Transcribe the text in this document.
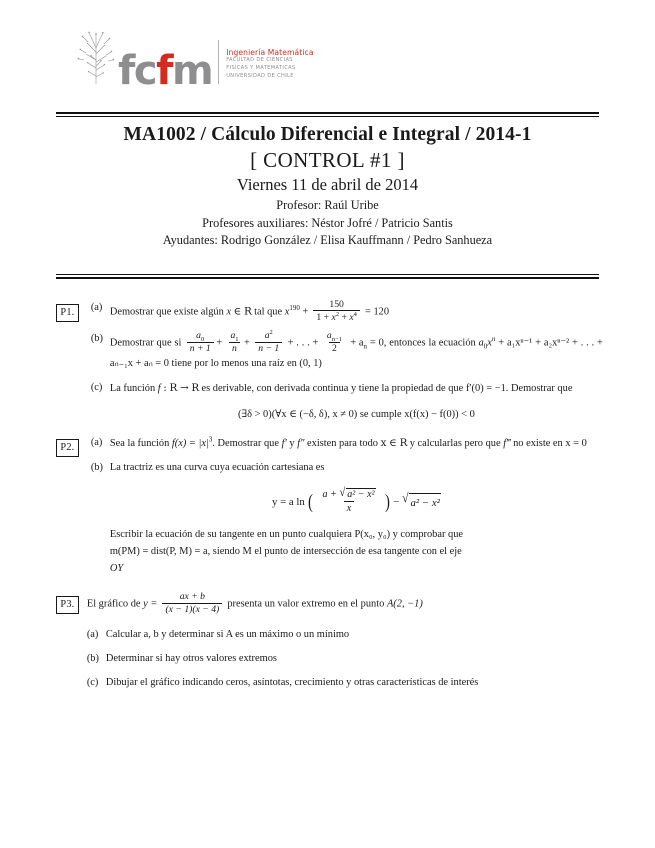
fcfm Ingeniería Matemática
FACULTAD DE CIENCIAS
FISICAS Y MATEMATICAS
UNIVERSIDAD DE CHILE
MA1002 / Cálculo Diferencial e Integral / 2014-1
[ CONTROL #1 ]
Viernes 11 de abril de 2014
Profesor: Raúl Uribe
Profesores auxiliares: Néstor Jofré / Patricio Santis
Ayudantes: Rodrigo González / Elisa Kauffmann / Pedro Sanhueza
P1.	(a) Demostrar que existe algún x ∈ R tal que $x^{190} + \frac{150}{1 + x^2 + x^4} = 120$
(b) Demostrar que si $\frac{a_0}{n + 1} + \frac{a_1}{n} + \frac{a^2}{n - 1}$ + . . . + $\frac{a_{n-1}}{2} + a_n = 0$, entonces la ecuación $a_0x^n + a_1x^{n-1} + a_2x^{n-2}$ + . . . + aₙ₋₁x + aₙ = 0 tiene por lo menos una raíz en (0, 1)
(c) La función f : R → R es derivable, con derivada continua y tiene la propiedad de que f′(0) = −1. Demostrar que
(∃δ > 0)(∀x ∈ (−δ, δ), x ≠ 0) se cumple x(f(x) − f(0)) < 0
P2.	(a) Sea la función $f(x) = |x|^3$. Demostrar que f′ y f″ existen para todo x ∈ R y calcularlas pero que f‴ no existe en x = 0
(b) La tractriz es una curva cuya ecuación cartesiana es
y = a ln ( $\frac{\text{a + √ a² − x²}}{x}$ ) − √ a² − x²
Escribir la ecuación de su tangente en un punto cualquiera P(x₀, y₀) y comprobar que
m(PM) = dist(P, M) = a, siendo M el punto de intersección de esa tangente con el eje
OY
P3.	El gráfico de $y = \frac{ax + b}{(x - 1)(x - 4)}$ presenta un valor extremo en el punto A(2, −1)
(a) Calcular a, b y determinar si A es un máximo o un mínimo
(b) Determinar si hay otros valores extremos
(c) Dibujar el gráfico indicando ceros, asíntotas, crecimiento y otras características de interés
